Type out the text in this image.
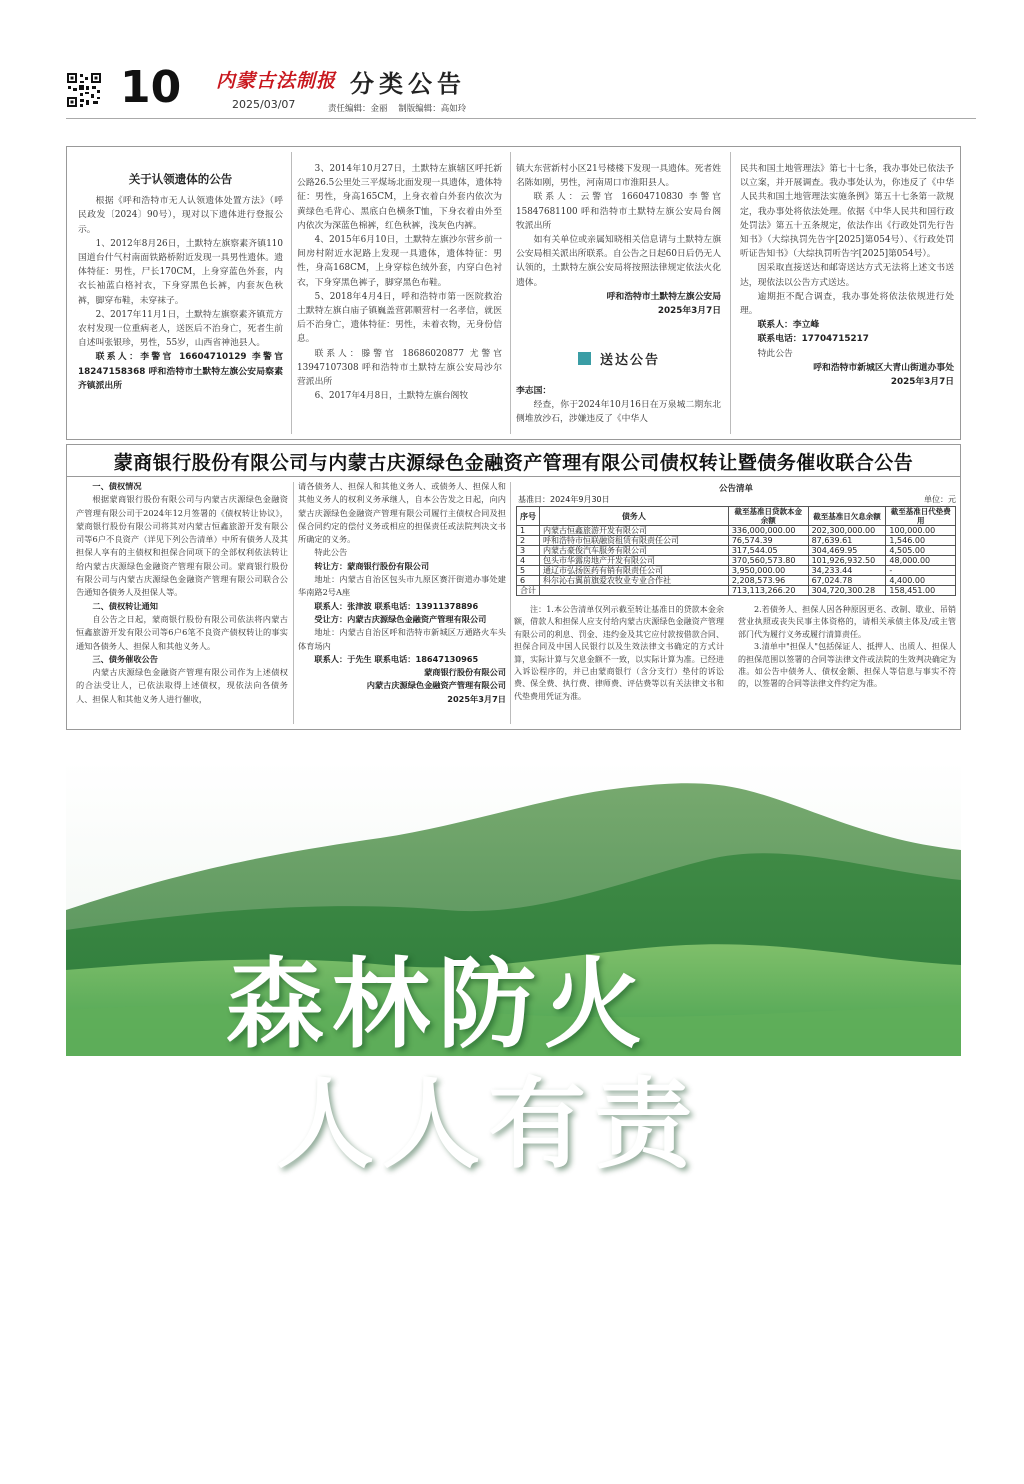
10 内蒙古法制报
2025/03/07
分类公告
责任编辑：金丽 制版编辑：高如玲

关于认领遗体的公告

根据《呼和浩特市无人认领遗体处置方法》（呼民政发〔2024〕90号），现对以下遗体进行登报公示。

1、2012年8月26日，土默特左旗察素齐镇110国道台什气村南面铁路桥附近发现一具男性遗体。遗体特征：男性，尸长170CM，上身穿蓝色外套，内衣长袖蓝白格衬衣，下身穿黑色长裤，内套灰色秋裤，脚穿布鞋，未穿袜子。

2、2017年11月1日，土默特左旗察素齐镇荒方农村发现一位重病老人，送医后不治身亡，死者生前自述叫张银珍，男性，55岁，山西省神池县人。

联系人：李警官 16604710129 李警官 18247158368 呼和浩特市土默特左旗公安局察素齐镇派出所

3、2014年10月27日，土默特左旗辖区呼托新公路26.5公里处三平煤场北面发现一具遗体，遗体特征：男性，身高165CM，上身衣着白外套内依次为黄绿色毛背心、黑底白色横条T恤，下身衣着由外至内依次为深蓝色棉裤，红色秋裤，浅灰色内裤。

4、2015年6月10日，土默特左旗沙尔营乡前一间房村附近水泥路上发现一具遗体，遗体特征：男性，身高168CM，上身穿棕色绒外套，内穿白色衬衣，下身穿黑色裤子，脚穿黑色布鞋。

5、2018年4月4日，呼和浩特市第一医院救治土默特左旗白庙子镇巍盖营郭顺营村一名孝信，就医后不治身亡，遗体特征：男性，未着衣物，无身份信息。

联系人：滕警官 18686020877 尤警官 13947107308 呼和浩特市土默特左旗公安局沙尔营派出所

6、2017年4月8日，土默特左旗台阁牧

镇大东营新村小区21号楼楼下发现一具遗体。死者姓名陈如刚，男性，河南周口市淮阳县人。

联系人：云警官 16604710830 李警官 15847681100 呼和浩特市土默特左旗公安局台阁牧派出所

如有关单位或亲属知晓相关信息请与土默特左旗公安局相关派出所联系。自公告之日起60日后仍无人认领的，土默特左旗公安局将按照法律规定依法火化遗体。

呼和浩特市土默特左旗公安局

2025年3月7日

送达公告

李志国：

经查，你于2024年10月16日在万泉城二期东北侧堆放沙石，涉嫌违反了《中华人

民共和国土地管理法》第七十七条，我办事处已依法予以立案，并开展调查。我办事处认为，你违反了《中华人民共和国土地管理法实施条例》第五十七条第一款规定，我办事处将依法处理。依据《中华人民共和国行政处罚法》第五十五条规定，依法作出《行政处罚先行告知书》（大综执罚先告字[2025]第054号）、《行政处罚听证告知书》（大综执罚听告字[2025]第054号）。

因采取直接送达和邮寄送达方式无法将上述文书送达，现依法以公告方式送达。

逾期拒不配合调查，我办事处将依法依规进行处理。

联系人：李立峰

联系电话：17704715217

特此公告

呼和浩特市新城区大青山街道办事处

2025年3月7日

蒙商银行股份有限公司与内蒙古庆源绿色金融资产管理有限公司债权转让暨债务催收联合公告

一、债权情况

根据蒙商银行股份有限公司与内蒙古庆源绿色金融资产管理有限公司于2024年12月签署的《债权转让协议》，蒙商银行股份有限公司将其对内蒙古恒鑫旅游开发有限公司等6户不良资产（详见下列公告清单）中所有债务人及其担保人享有的主债权和担保合同项下的全部权利依法转让给内蒙古庆源绿色金融资产管理有限公司。蒙商银行股份有限公司与内蒙古庆源绿色金融资产管理有限公司联合公告通知各债务人及担保人等。

二、债权转让通知

自公告之日起，蒙商银行股份有限公司依法将内蒙古恒鑫旅游开发有限公司等6户6笔不良资产债权转让的事实通知各债务人、担保人和其他义务人。

三、债务催收公告

内蒙古庆源绿色金融资产管理有限公司作为上述债权的合法受让人，已依法取得上述债权，现依法向各债务人、担保人和其他义务人进行催收，

请各债务人、担保人和其他义务人、或债务人、担保人和其他义务人的权利义务承继人，自本公告发之日起，向内蒙古庆源绿色金融资产管理有限公司履行主债权合同及担保合同约定的偿付义务或相应的担保责任或法院判决文书所确定的义务。

特此公告

转让方：蒙商银行股份有限公司

地址：内蒙古自治区包头市九原区赛汗街道办事处建华南路2号A座

联系人：张津波 联系电话：13911378896

受让方：内蒙古庆源绿色金融资产管理有限公司

地址：内蒙古自治区呼和浩特市新城区万通路火车头体育场内

联系人：于先生 联系电话：18647130965

蒙商银行股份有限公司

内蒙古庆源绿色金融资产管理有限公司

2025年3月7日

公告清单
基准日：2024年9月30日	单位：元
序号	债务人	截至基准日贷款本金余额	截至基准日欠息余额	截至基准日代垫费用
1	内蒙古恒鑫旅游开发有限公司	336,000,000.00	202,300,000.00	100,000.00
2	呼和浩特市恒联融资租赁有限责任公司	76,574.39	87,639.61	1,546.00
3	内蒙古豪俊汽车服务有限公司	317,544.05	304,469.95	4,505.00
4	包头市华露房地产开发有限公司	370,560,573.80	101,926,932.50	48,000.00
5	通辽市弘扬医药有销有限责任公司	3,950,000.00	34,233.44	-
6	科尔沁右翼前旗爱农牧业专业合作社	2,208,573.96	67,024.78	4,400.00
合计		713,113,266.20	304,720,300.28	158,451.00

注：1.本公告清单仅列示截至转让基准日的贷款本金余额，借款人和担保人应支付给内蒙古庆源绿色金融资产管理有限公司的利息、罚金、违约金及其它应付款按借款合同、担保合同及中国人民银行以及生效法律文书确定的方式计算，实际计算与欠息金额不一致，以实际计算为准。已经进入诉讼程序的，并已由蒙商银行（含分支行）垫付的诉讼费、保全费、执行费、律师费、评估费等以有关法律文书和代垫费用凭证为准。

2.若债务人、担保人因各种原因更名、改制、歇业、吊销营业执照或丧失民事主体资格的，请相关承债主体及/或主管部门代为履行义务或履行清算责任。

3.清单中"担保人"包括保证人、抵押人、出质人、担保人的担保范围以签署的合同等法律文件或法院的生效判决确定为准。如公告中债务人、债权金额、担保人等信息与事实不符的，以签署的合同等法律文件约定为准。

森林防火
人人有责
